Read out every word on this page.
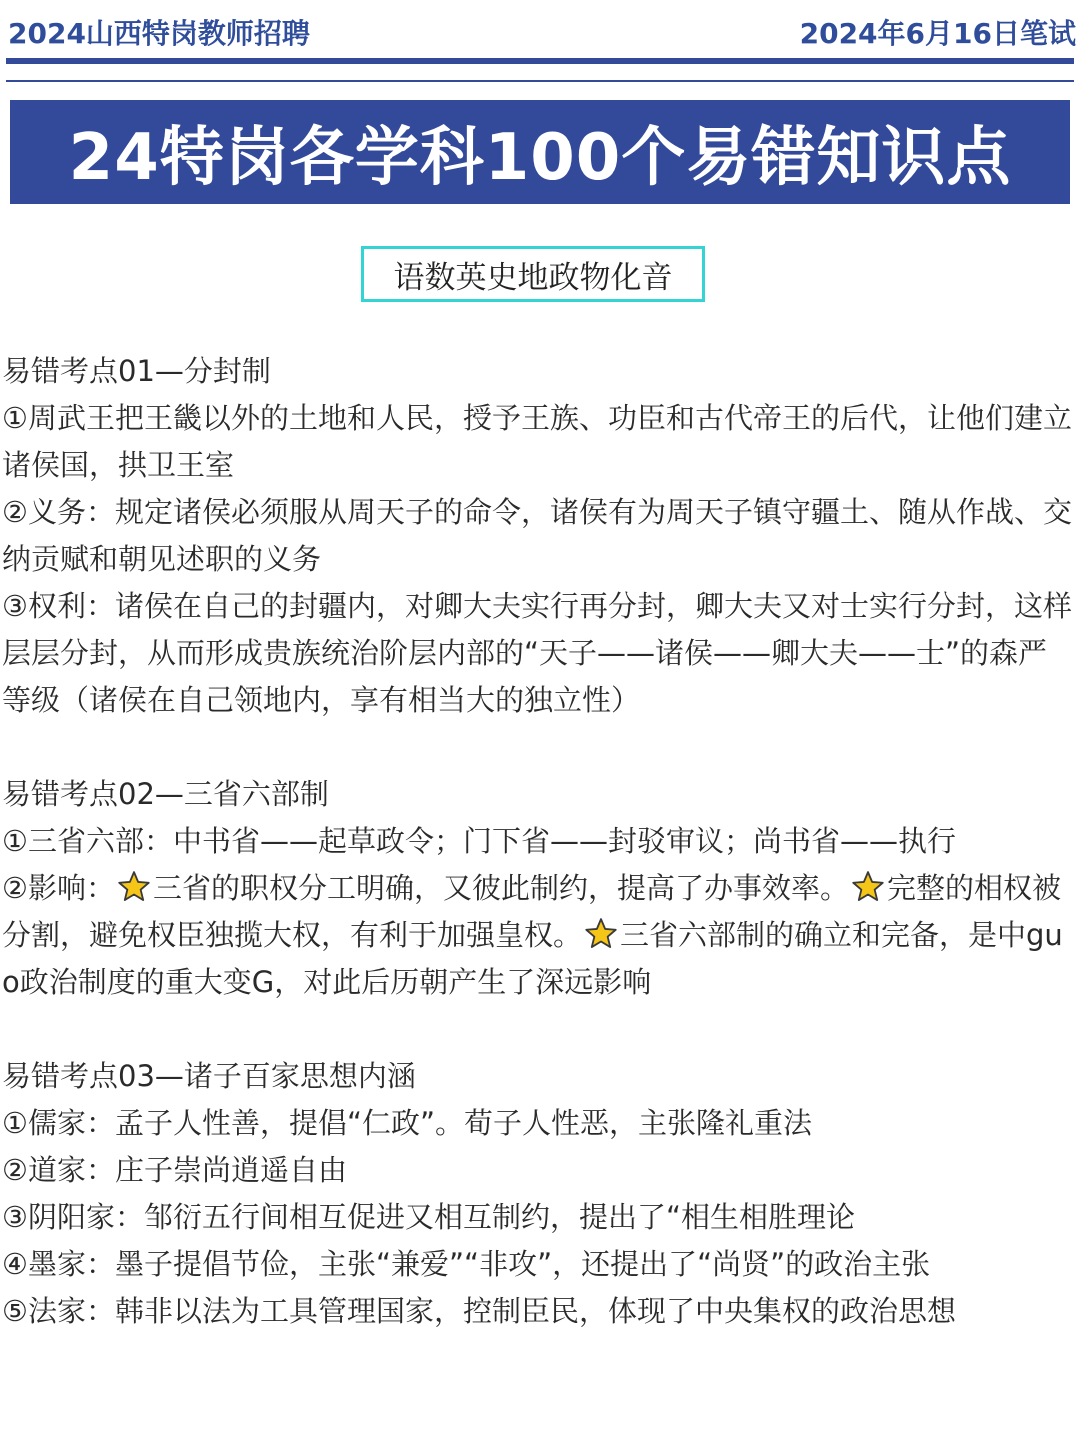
2024山西特岗教师招聘	2024年6月16日笔试
24特岗各学科100个易错知识点
语数英史地政物化音

易错考点01—分封制

①周武王把王畿以外的土地和人民，授予王族、功臣和古代帝王的后代，让他们建立诸侯国，拱卫王室

②义务：规定诸侯必须服从周天子的命令，诸侯有为周天子镇守疆土、随从作战、交纳贡赋和朝见述职的义务

③权利：诸侯在自己的封疆内，对卿大夫实行再分封，卿大夫又对士实行分封，这样层层分封，从而形成贵族统治阶层内部的“天子——诸侯——卿大夫——士”的森严等级（诸侯在自己领地内，享有相当大的独立性）

易错考点02—三省六部制

①三省六部：中书省——起草政令；门下省——封驳审议；尚书省——执行

②影响： 三省的职权分工明确，又彼此制约，提高了办事效率。 完整的相权被分割，避免权臣独揽大权，有利于加强皇权。 三省六部制的确立和完备，是中guo政治制度的重大变G，对此后历朝产生了深远影响

易错考点03—诸子百家思想内涵

①儒家：孟子人性善，提倡“仁政”。荀子人性恶，主张隆礼重法

②道家：庄子崇尚逍遥自由

③阴阳家：邹衍五行间相互促进又相互制约，提出了“相生相胜理论

④墨家：墨子提倡节俭，主张“兼爱”“非攻”，还提出了“尚贤”的政治主张

⑤法家：韩非以法为工具管理国家，控制臣民，体现了中央集权的政治思想
